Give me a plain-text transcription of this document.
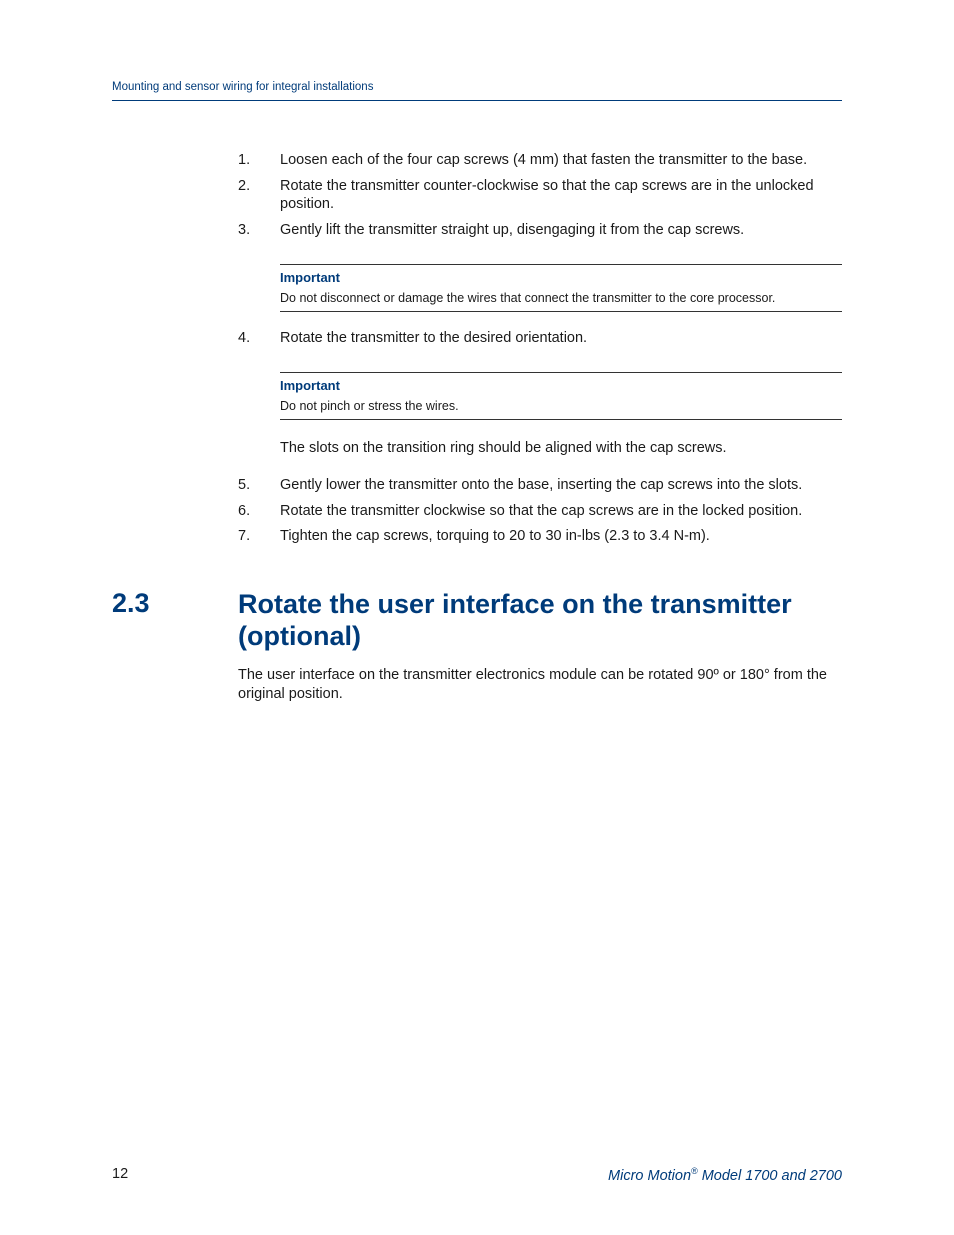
Mounting and sensor wiring for integral installations
1. Loosen each of the four cap screws (4 mm) that fasten the transmitter to the base.
2. Rotate the transmitter counter-clockwise so that the cap screws are in the unlocked position.
3. Gently lift the transmitter straight up, disengaging it from the cap screws.
Important
Do not disconnect or damage the wires that connect the transmitter to the core processor.
4. Rotate the transmitter to the desired orientation.
Important
Do not pinch or stress the wires.
The slots on the transition ring should be aligned with the cap screws.
5. Gently lower the transmitter onto the base, inserting the cap screws into the slots.
6. Rotate the transmitter clockwise so that the cap screws are in the locked position.
7. Tighten the cap screws, torquing to 20 to 30 in-lbs (2.3 to 3.4 N-m).
2.3	Rotate the user interface on the transmitter (optional)
The user interface on the transmitter electronics module can be rotated 90º or 180° from the original position.
12	Micro Motion® Model 1700 and 2700
